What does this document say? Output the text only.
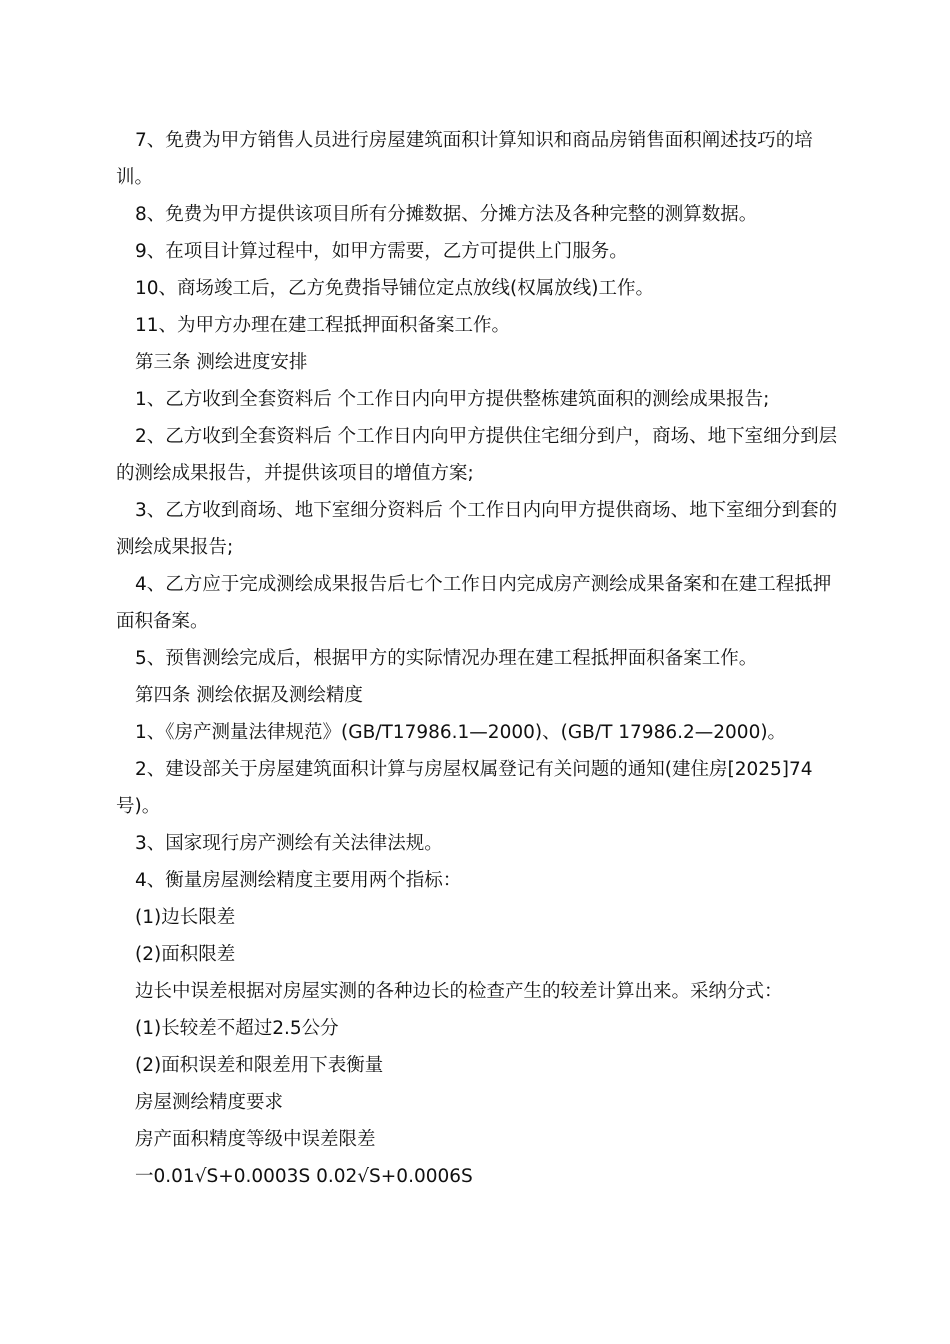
7、免费为甲方销售人员进行房屋建筑面积计算知识和商品房销售面积阐述技巧的培训。

8、免费为甲方提供该项目所有分摊数据、分摊方法及各种完整的测算数据。

9、在项目计算过程中，如甲方需要，乙方可提供上门服务。

10、商场竣工后，乙方免费指导铺位定点放线(权属放线)工作。

11、为甲方办理在建工程抵押面积备案工作。

第三条 测绘进度安排

1、乙方收到全套资料后 个工作日内向甲方提供整栋建筑面积的测绘成果报告;

2、乙方收到全套资料后 个工作日内向甲方提供住宅细分到户，商场、地下室细分到层的测绘成果报告，并提供该项目的增值方案;

3、乙方收到商场、地下室细分资料后 个工作日内向甲方提供商场、地下室细分到套的测绘成果报告;

4、乙方应于完成测绘成果报告后七个工作日内完成房产测绘成果备案和在建工程抵押面积备案。

5、预售测绘完成后，根据甲方的实际情况办理在建工程抵押面积备案工作。

第四条 测绘依据及测绘精度

1、《房产测量法律规范》(GB/T17986.1—2000)、(GB/T 17986.2—2000)。

2、建设部关于房屋建筑面积计算与房屋权属登记有关问题的通知(建住房[2025]74号)。

3、国家现行房产测绘有关法律法规。

4、衡量房屋测绘精度主要用两个指标：

(1)边长限差

(2)面积限差

边长中误差根据对房屋实测的各种边长的检查产生的较差计算出来。采纳分式：

(1)长较差不超过2.5公分

(2)面积误差和限差用下表衡量

房屋测绘精度要求

房产面积精度等级中误差限差

一0.01√S+0.0003S 0.02√S+0.0006S
